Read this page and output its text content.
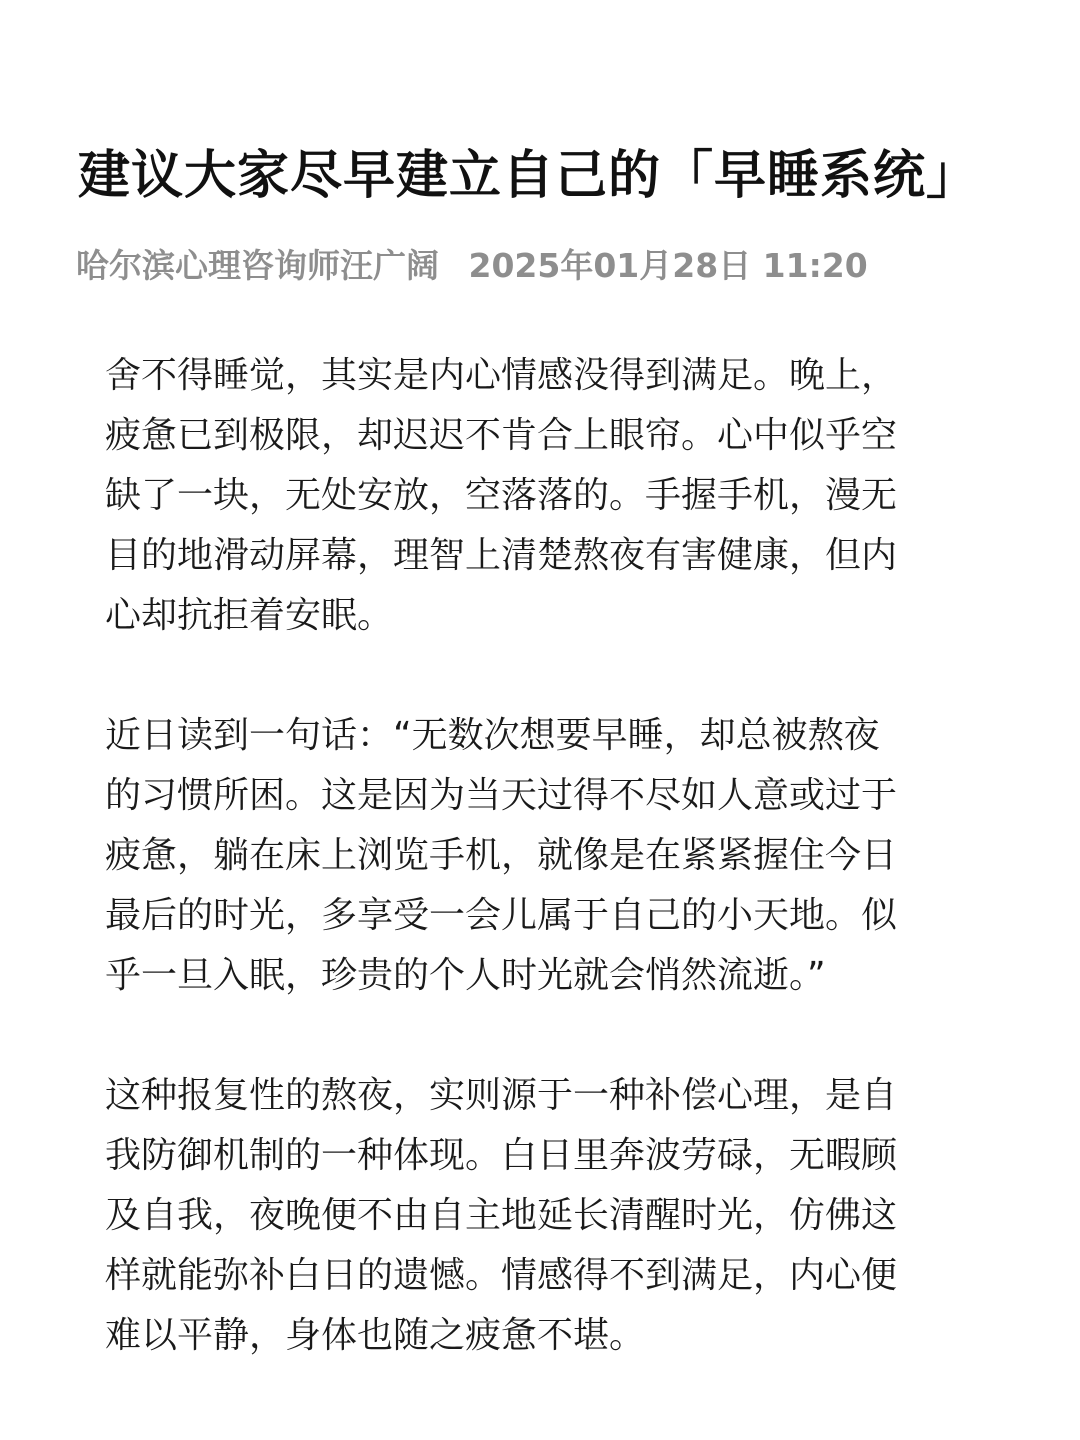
建议大家尽早建立自己的「早睡系统」
哈尔滨心理咨询师汪广阔 2025年01月28日 11:20

舍不得睡觉，其实是内心情感没得到满足。晚上，
疲惫已到极限，却迟迟不肯合上眼帘。心中似乎空
缺了一块，无处安放，空落落的。手握手机，漫无
目的地滑动屏幕，理智上清楚熬夜有害健康，但内
心却抗拒着安眠。

近日读到一句话：“无数次想要早睡，却总被熬夜
的习惯所困。这是因为当天过得不尽如人意或过于
疲惫，躺在床上浏览手机，就像是在紧紧握住今日
最后的时光，多享受一会儿属于自己的小天地。似
乎一旦入眠，珍贵的个人时光就会悄然流逝。”

这种报复性的熬夜，实则源于一种补偿心理，是自
我防御机制的一种体现。白日里奔波劳碌，无暇顾
及自我，夜晚便不由自主地延长清醒时光，仿佛这
样就能弥补白日的遗憾。情感得不到满足，内心便
难以平静，身体也随之疲惫不堪。
